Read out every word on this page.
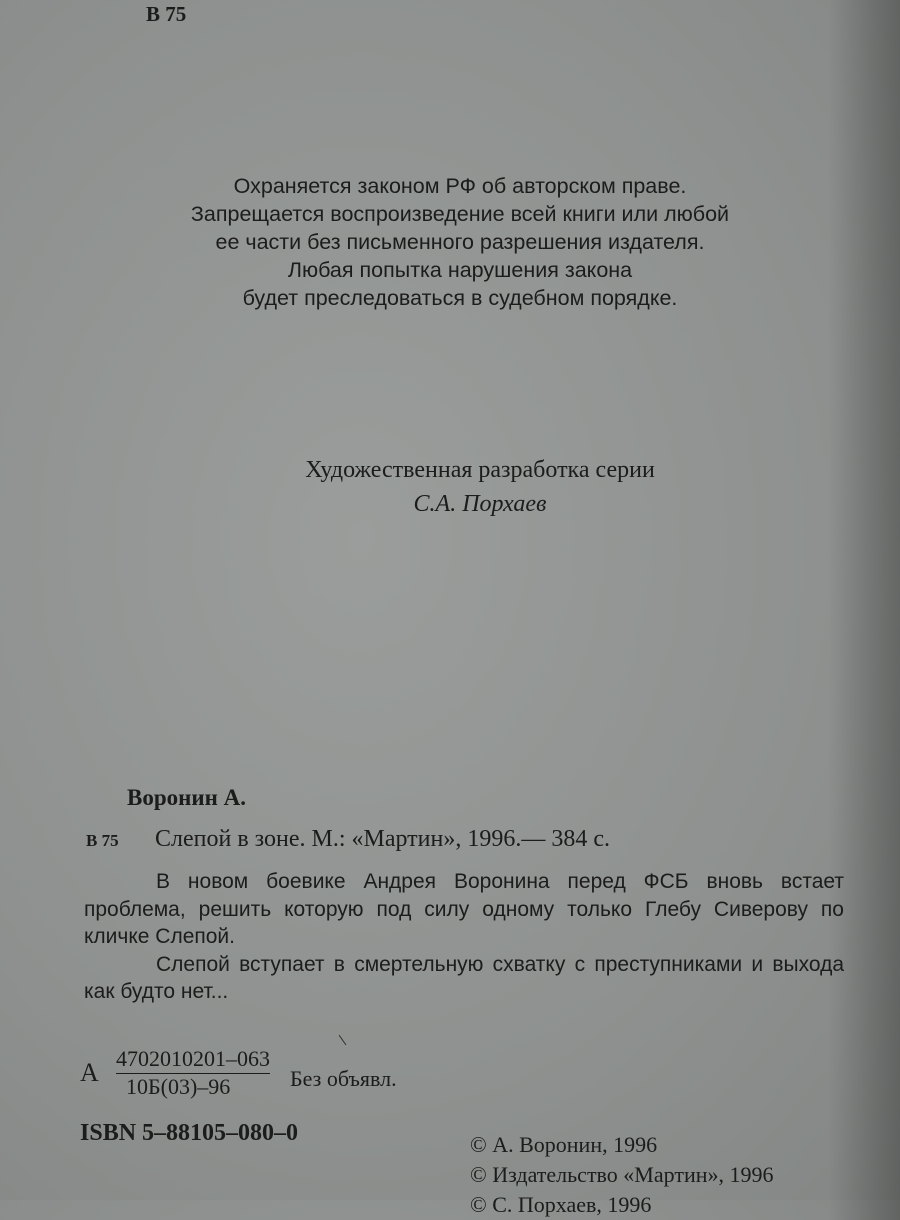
В 75
Охраняется законом РФ об авторском праве.
Запрещается воспроизведение всей книги или любой
ее части без письменного разрешения издателя.
Любая попытка нарушения закона
будет преследоваться в судебном порядке.
Художественная разработка серии
С.А. Порхаев
Воронин А.
В 75 Слепой в зоне. М.: «Мартин», 1996.— 384 с.

В новом боевике Андрея Воронина перед ФСБ вновь встает проблема, решить которую под силу одному только Глебу Сиверову по кличке Слепой.

Слепой вступает в смертельную схватку с преступниками и выхода как будто нет...

А 4702010201–063
10Б(03)–96	Без объявл.
ISBN 5–88105–080–0	© А. Воронин, 1996
© Издательство «Мартин», 1996
© С. Порхаев, 1996
